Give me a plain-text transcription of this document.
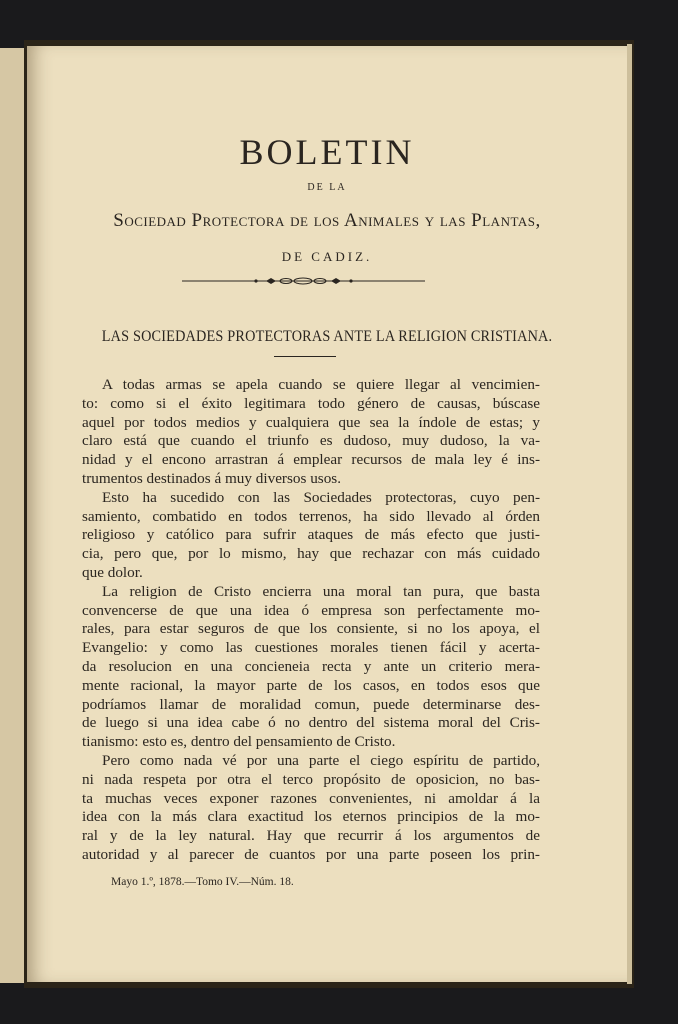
BOLETIN
DE LA
Sociedad Protectora de los Animales y las Plantas,
DE CADIZ.
LAS SOCIEDADES PROTECTORAS ANTE LA RELIGION CRISTIANA.
A todas armas se apela cuando se quiere llegar al vencimien-
to: como si el éxito legitimara todo género de causas, búscase
aquel por todos medios y cualquiera que sea la índole de estas; y
claro está que cuando el triunfo es dudoso, muy dudoso, la va-
nidad y el encono arrastran á emplear recursos de mala ley é ins-
trumentos destinados á muy diversos usos.
Esto ha sucedido con las Sociedades protectoras, cuyo pen-
samiento, combatido en todos terrenos, ha sido llevado al órden
religioso y católico para sufrir ataques de más efecto que justi-
cia, pero que, por lo mismo, hay que rechazar con más cuidado
que dolor.
La religion de Cristo encierra una moral tan pura, que basta
convencerse de que una idea ó empresa son perfectamente mo-
rales, para estar seguros de que los consiente, si no los apoya, el
Evangelio: y como las cuestiones morales tienen fácil y acerta-
da resolucion en una concieneia recta y ante un criterio mera-
mente racional, la mayor parte de los casos, en todos esos que
podríamos llamar de moralidad comun, puede determinarse des-
de luego si una idea cabe ó no dentro del sistema moral del Cris-
tianismo: esto es, dentro del pensamiento de Cristo.
Pero como nada vé por una parte el ciego espíritu de partido,
ni nada respeta por otra el terco propósito de oposicion, no bas-
ta muchas veces exponer razones convenientes, ni amoldar á la
idea con la más clara exactitud los eternos principios de la mo-
ral y de la ley natural. Hay que recurrir á los argumentos de
autoridad y al parecer de cuantos por una parte poseen los prin-
Mayo 1.º, 1878.—Tomo IV.—Núm. 18.
